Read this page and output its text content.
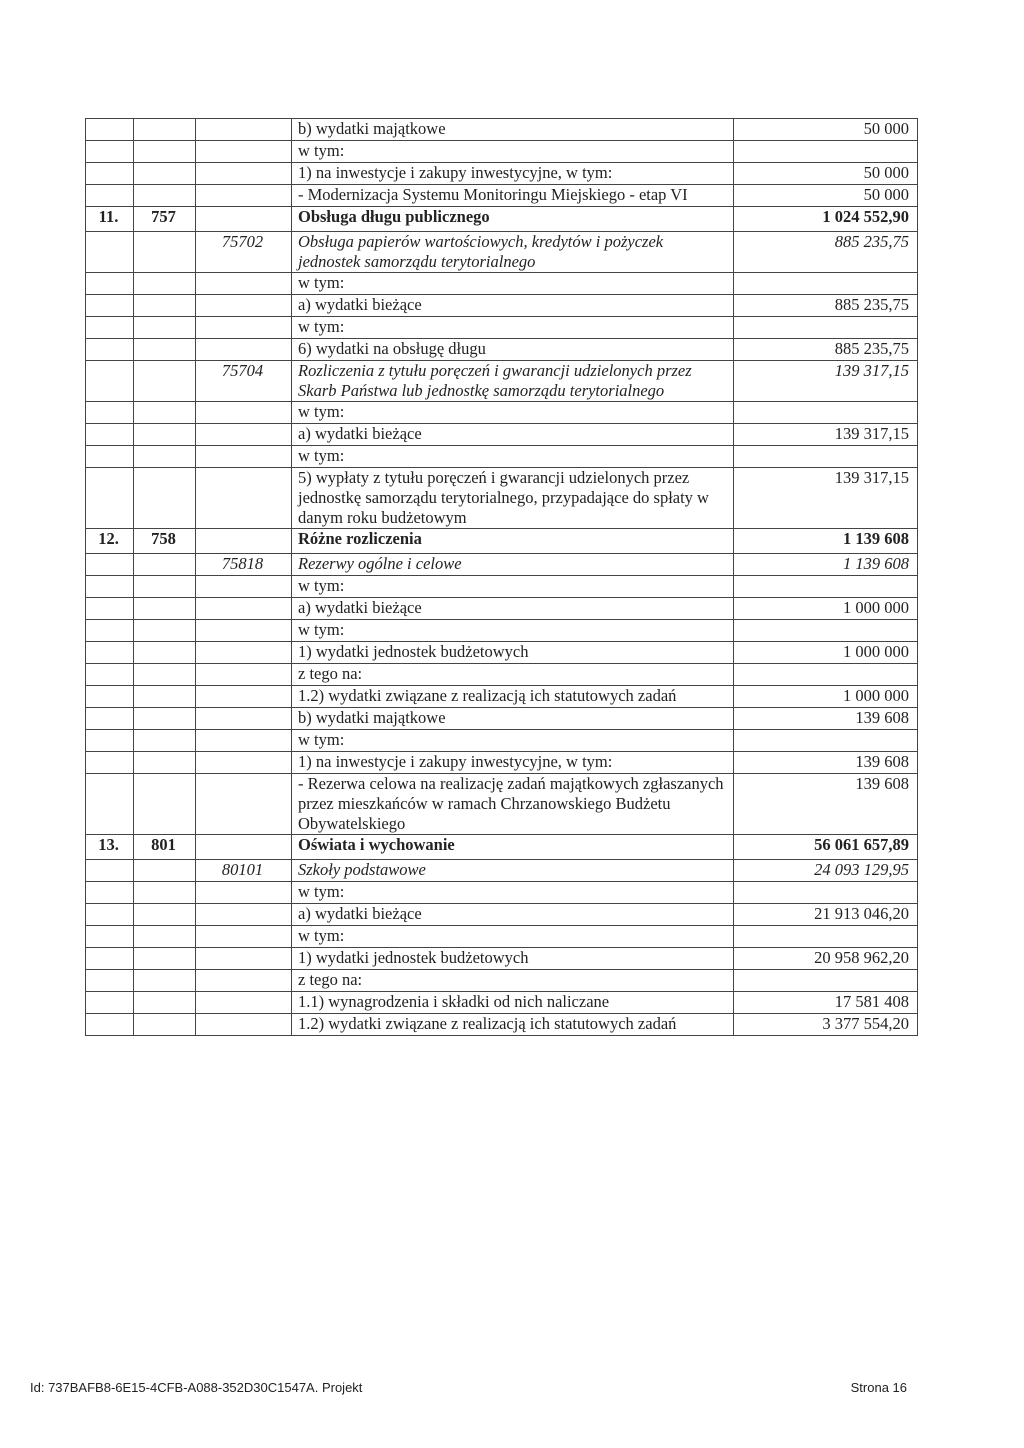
			b) wydatki majątkowe	50 000
			w tym:	
			1) na inwestycje i zakupy inwestycyjne, w tym:	50 000
			- Modernizacja Systemu Monitoringu Miejskiego - etap VI	50 000
11.	757		Obsługa długu publicznego	1 024 552,90
		75702	Obsługa papierów wartościowych, kredytów i pożyczek jednostek samorządu terytorialnego	885 235,75
			w tym:	
			a) wydatki bieżące	885 235,75
			w tym:	
			6) wydatki na obsługę długu	885 235,75
		75704	Rozliczenia z tytułu poręczeń i gwarancji udzielonych przez Skarb Państwa lub jednostkę samorządu terytorialnego	139 317,15
			w tym:	
			a) wydatki bieżące	139 317,15
			w tym:	
			5) wypłaty z tytułu poręczeń i gwarancji udzielonych przez jednostkę samorządu terytorialnego, przypadające do spłaty w danym roku budżetowym	139 317,15
12.	758		Różne rozliczenia	1 139 608
		75818	Rezerwy ogólne i celowe	1 139 608
			w tym:	
			a) wydatki bieżące	1 000 000
			w tym:	
			1) wydatki jednostek budżetowych	1 000 000
			z tego na:	
			1.2) wydatki związane z realizacją ich statutowych zadań	1 000 000
			b) wydatki majątkowe	139 608
			w tym:	
			1) na inwestycje i zakupy inwestycyjne, w tym:	139 608
			- Rezerwa celowa na realizację zadań majątkowych zgłaszanych przez mieszkańców w ramach Chrzanowskiego Budżetu Obywatelskiego	139 608
13.	801		Oświata i wychowanie	56 061 657,89
		80101	Szkoły podstawowe	24 093 129,95
			w tym:	
			a) wydatki bieżące	21 913 046,20
			w tym:	
			1) wydatki jednostek budżetowych	20 958 962,20
			z tego na:	
			1.1) wynagrodzenia i składki od nich naliczane	17 581 408
			1.2) wydatki związane z realizacją ich statutowych zadań	3 377 554,20
Id: 737BAFB8-6E15-4CFB-A088-352D30C1547A. Projekt	Strona 16
